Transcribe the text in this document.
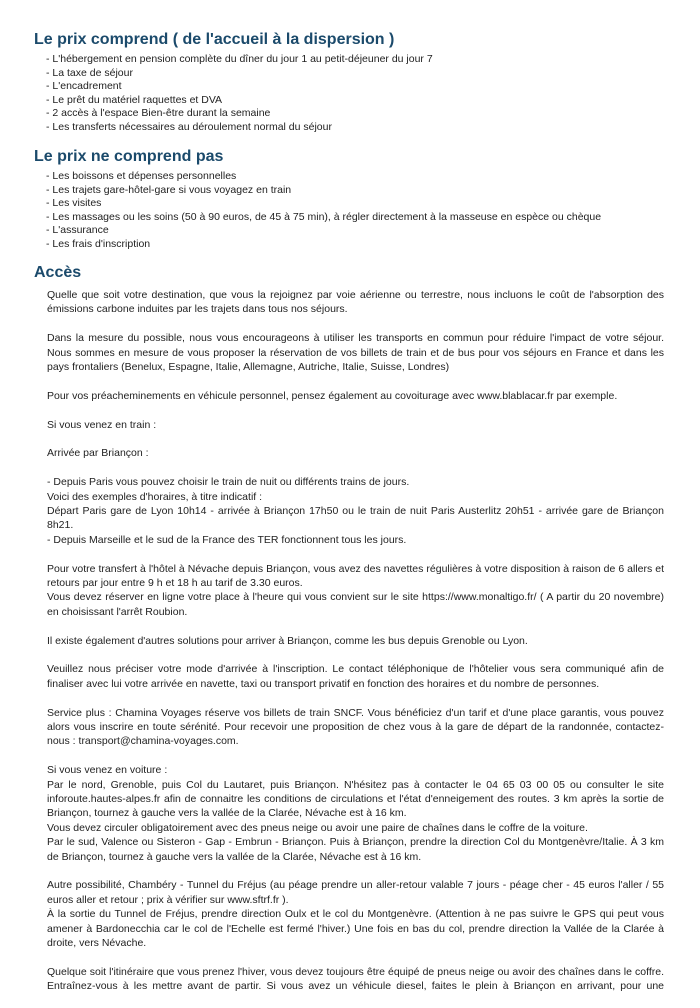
Le prix comprend ( de l'accueil à la dispersion )
- L'hébergement en pension complète du dîner du jour 1 au petit-déjeuner du jour 7
- La taxe de séjour
- L'encadrement
- Le prêt du matériel raquettes et DVA
- 2 accès à l'espace Bien-être durant la semaine
- Les transferts nécessaires au déroulement normal du séjour
Le prix ne comprend pas
- Les boissons et dépenses personnelles
- Les trajets gare-hôtel-gare si vous voyagez en train
- Les visites
- Les massages ou les soins (50 à 90 euros, de 45 à 75 min), à régler directement à la masseuse en espèce ou chèque
- L'assurance
- Les frais d'inscription
Accès

Quelle que soit votre destination, que vous la rejoignez par voie aérienne ou terrestre, nous incluons le coût de l'absorption des émissions carbone induites par les trajets dans tous nos séjours.

Dans la mesure du possible, nous vous encourageons à utiliser les transports en commun pour réduire l'impact de votre séjour. Nous sommes en mesure de vous proposer la réservation de vos billets de train et de bus pour vos séjours en France et dans les pays frontaliers (Benelux, Espagne, Italie, Allemagne, Autriche, Italie, Suisse, Londres)

Pour vos préacheminements en véhicule personnel, pensez également au covoiturage avec www.blablacar.fr par exemple.

Si vous venez en train :

Arrivée par Briançon :

- Depuis Paris vous pouvez choisir le train de nuit ou différents trains de jours.

Voici des exemples d'horaires, à titre indicatif :

Départ Paris gare de Lyon 10h14 - arrivée à Briançon 17h50 ou le train de nuit Paris Austerlitz 20h51 - arrivée gare de Briançon 8h21.

- Depuis Marseille et le sud de la France des TER fonctionnent tous les jours.

Pour votre transfert à l'hôtel à Névache depuis Briançon, vous avez des navettes régulières à votre disposition à raison de 6 allers et retours par jour entre 9 h et 18 h au tarif de 3.30 euros.

Vous devez réserver en ligne votre place à l'heure qui vous convient sur le site https://www.monaltigo.fr/ ( A partir du 20 novembre) en choisissant l'arrêt Roubion.

Il existe également d'autres solutions pour arriver à Briançon, comme les bus depuis Grenoble ou Lyon.

Veuillez nous préciser votre mode d'arrivée à l'inscription. Le contact téléphonique de l'hôtelier vous sera communiqué afin de finaliser avec lui votre arrivée en navette, taxi ou transport privatif en fonction des horaires et du nombre de personnes.

Service plus : Chamina Voyages réserve vos billets de train SNCF. Vous bénéficiez d'un tarif et d'une place garantis, vous pouvez alors vous inscrire en toute sérénité. Pour recevoir une proposition de chez vous à la gare de départ de la randonnée, contactez-nous : transport@chamina-voyages.com.

Si vous venez en voiture :

Par le nord, Grenoble, puis Col du Lautaret, puis Briançon. N'hésitez pas à contacter le 04 65 03 00 05 ou consulter le site inforoute.hautes-alpes.fr afin de connaitre les conditions de circulations et l'état d'enneigement des routes. 3 km après la sortie de Briançon, tournez à gauche vers la vallée de la Clarée, Névache est à 16 km.

Vous devez circuler obligatoirement avec des pneus neige ou avoir une paire de chaînes dans le coffre de la voiture.

Par le sud, Valence ou Sisteron - Gap - Embrun - Briançon. Puis à Briançon, prendre la direction Col du Montgenèvre/Italie. À 3 km de Briançon, tournez à gauche vers la vallée de la Clarée, Névache est à 16 km.

Autre possibilité, Chambéry - Tunnel du Fréjus (au péage prendre un aller-retour valable 7 jours - péage cher - 45 euros l'aller / 55 euros aller et retour ; prix à vérifier sur www.sftrf.fr ).

À la sortie du Tunnel de Fréjus, prendre direction Oulx et le col du Montgenèvre. (Attention à ne pas suivre le GPS qui peut vous amener à Bardonecchia car le col de l'Echelle est fermé l'hiver.) Une fois en bas du col, prendre direction la Vallée de la Clarée à droite, vers Névache.

Quelque soit l'itinéraire que vous prenez l'hiver, vous devez toujours être équipé de pneus neige ou avoir des chaînes dans le coffre. Entraînez-vous à les mettre avant de partir. Si vous avez un véhicule diesel, faites le plein à Briançon en arrivant, pour une
